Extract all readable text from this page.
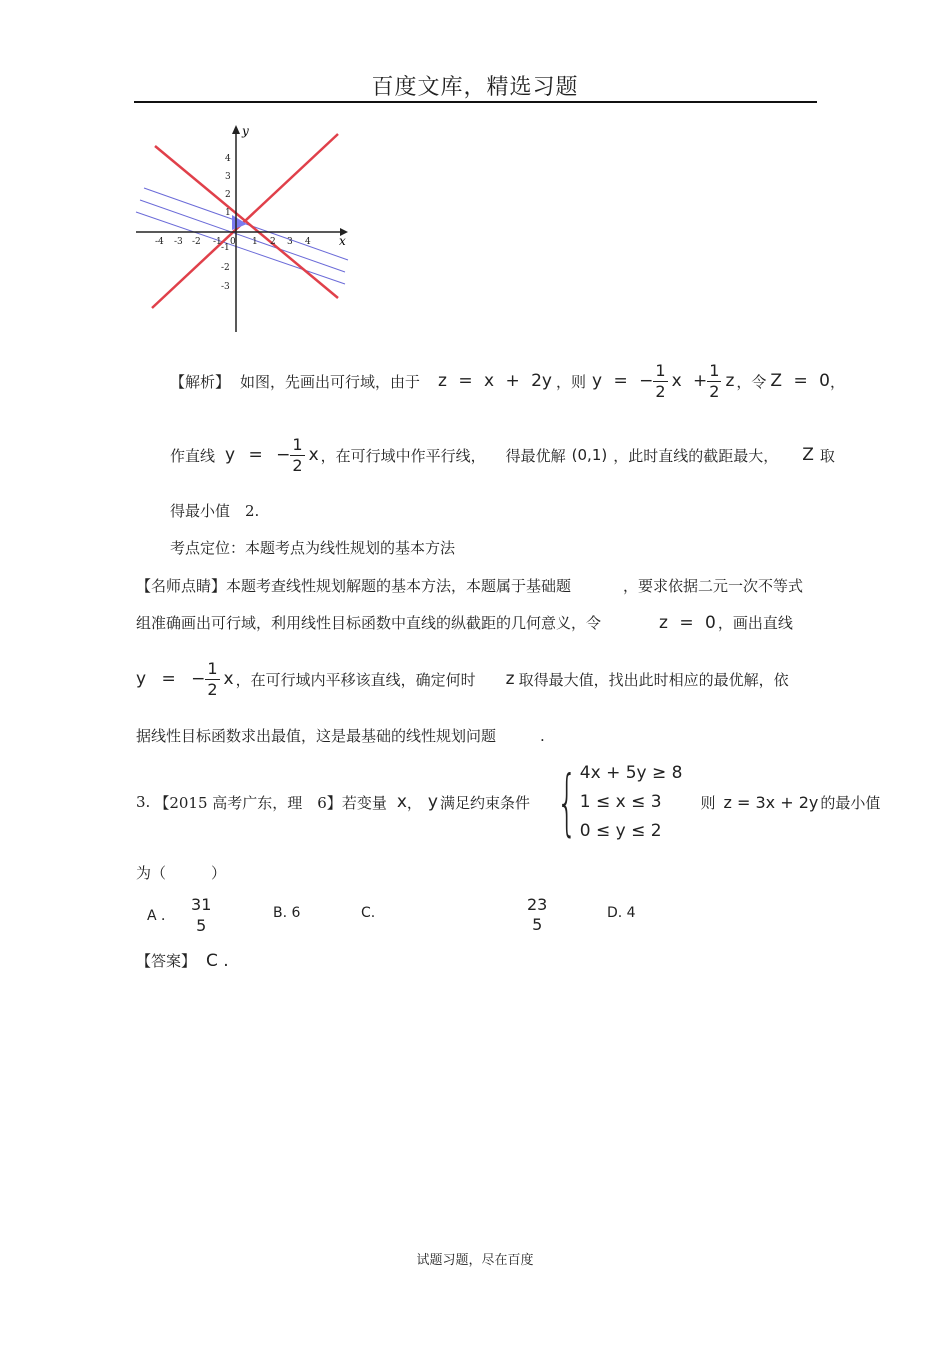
百度文库，精选习题
x
y
-4 -3 -2 -1 0 1 2 3 4
4
3
2
1
-1
-2
-3
【解析】 如图，先画出可行域，由于 z = x + 2y ，则 y = − $\frac{1}{2}$ $x + \frac{1}{2}$ z ，令 Z = 0 ，
作直线 y = − $\frac{1}{2}$ x ，在可行域中作平行线， 得最优解 (0,1) ，此时直线的截距最大， Z 取
得最小值　2.
考点定位：本题考点为线性规划的基本方法
【名师点睛】本题考查线性规划解题的基本方法，本题属于基础题	，要求依据二元一次不等式
组准确画出可行域，利用线性目标函数中直线的纵截距的几何意义，令	z = 0 ，画出直线
y = − $\frac{1}{2}$ x ，在可行域内平移该直线，确定何时 z 取得最大值，找出此时相应的最优解，依
据线性目标函数求出最值，这是最基础的线性规划问题	.
3. 【2015 高考广东，理　6】 若变量 x ， y 满足约束条件 { 4x + 5y ≥ 8
1 ≤ x ≤ 3
0 ≤ y ≤ 2
则 z = 3x + 2y 的最小值
为（　　　）
A ． $\frac{31}{5}$	B. 6	C.	23
5
D. 4
【答案】 C .
试题习题，尽在百度
